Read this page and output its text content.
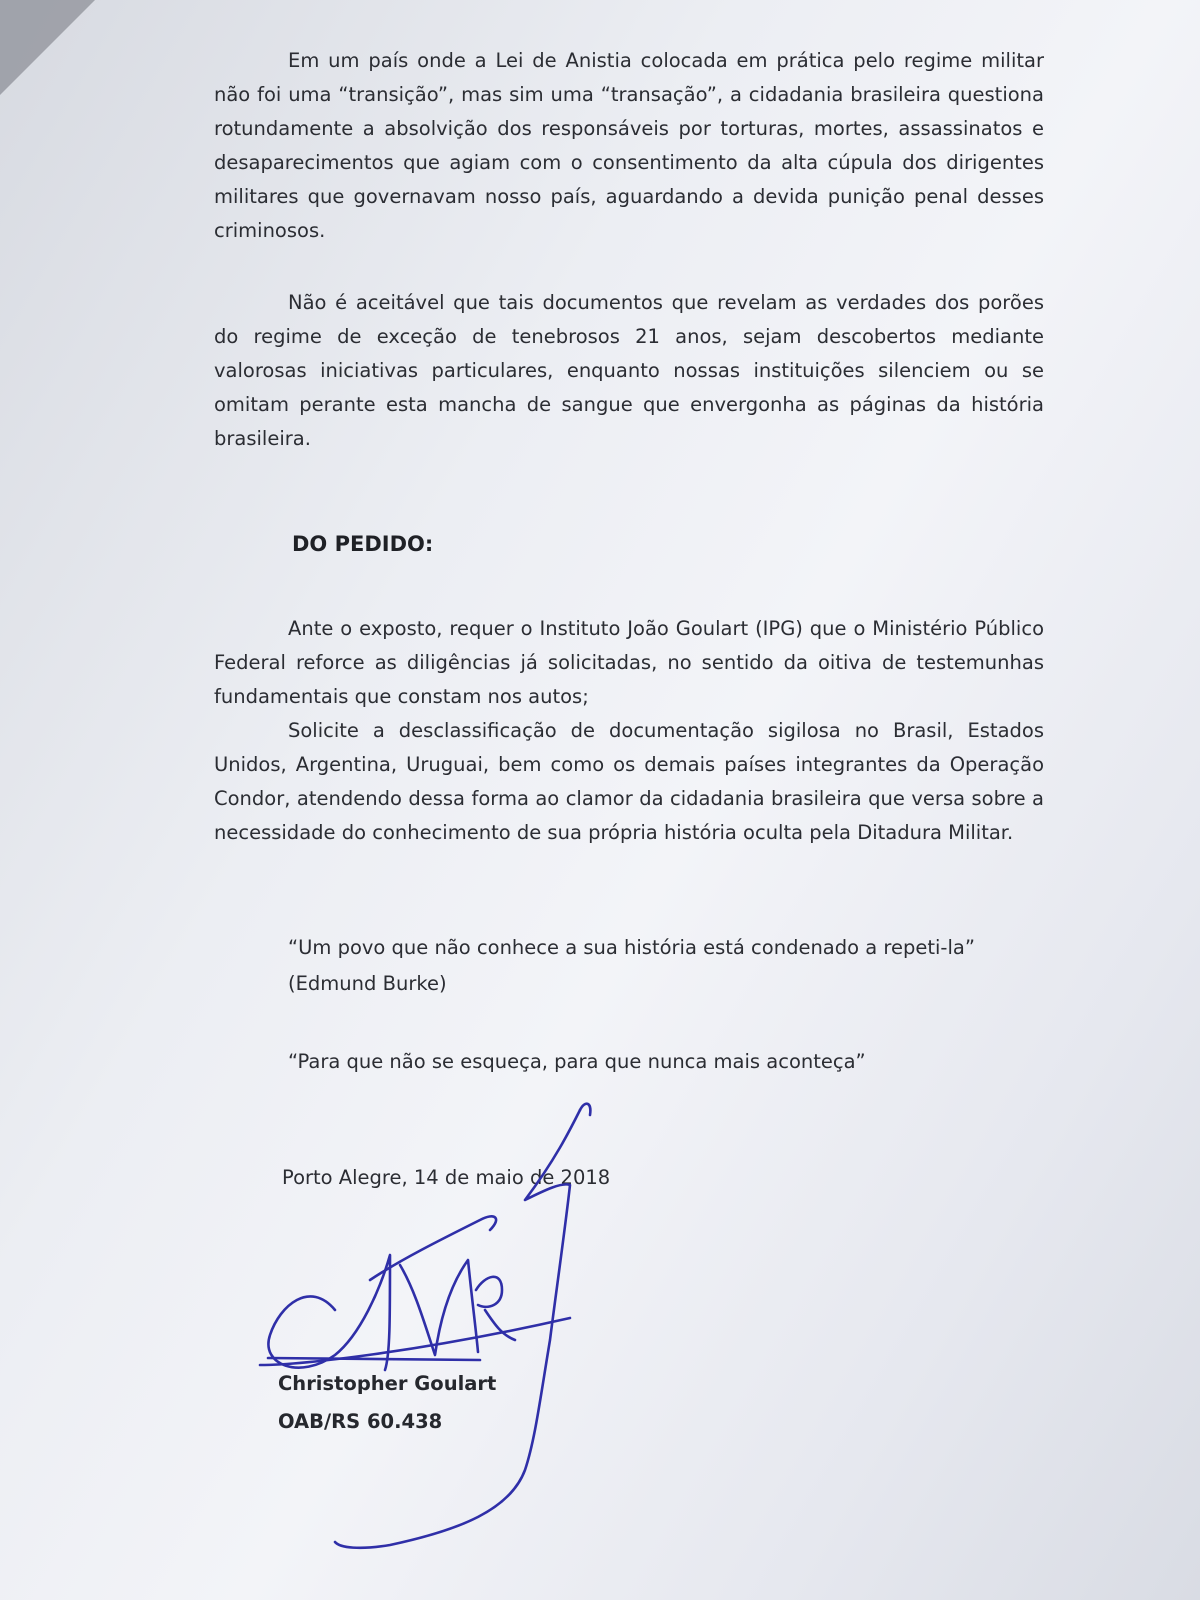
Em um país onde a Lei de Anistia colocada em prática pelo regime militar não foi uma “transição”, mas sim uma “transação”, a cidadania brasileira questiona rotundamente a absolvição dos responsáveis por torturas, mortes, assassinatos e desaparecimentos que agiam com o consentimento da alta cúpula dos dirigentes militares que governavam nosso país, aguardando a devida punição penal desses criminosos.

Não é aceitável que tais documentos que revelam as verdades dos porões do regime de exceção de tenebrosos 21 anos, sejam descobertos mediante valorosas iniciativas particulares, enquanto nossas instituições silenciem ou se omitam perante esta mancha de sangue que envergonha as páginas da história brasileira.

DO PEDIDO:

Ante o exposto, requer o Instituto João Goulart (IPG) que o Ministério Público Federal reforce as diligências já solicitadas, no sentido da oitiva de testemunhas fundamentais que constam nos autos;

Solicite a desclassificação de documentação sigilosa no Brasil, Estados Unidos, Argentina, Uruguai, bem como os demais países integrantes da Operação Condor, atendendo dessa forma ao clamor da cidadania brasileira que versa sobre a necessidade do conhecimento de sua própria história oculta pela Ditadura Militar.

“Um povo que não conhece a sua história está condenado a repeti-la”

(Edmund Burke)

“Para que não se esqueça, para que nunca mais aconteça”

Porto Alegre, 14 de maio de 2018

Christopher Goulart

OAB/RS 60.438
